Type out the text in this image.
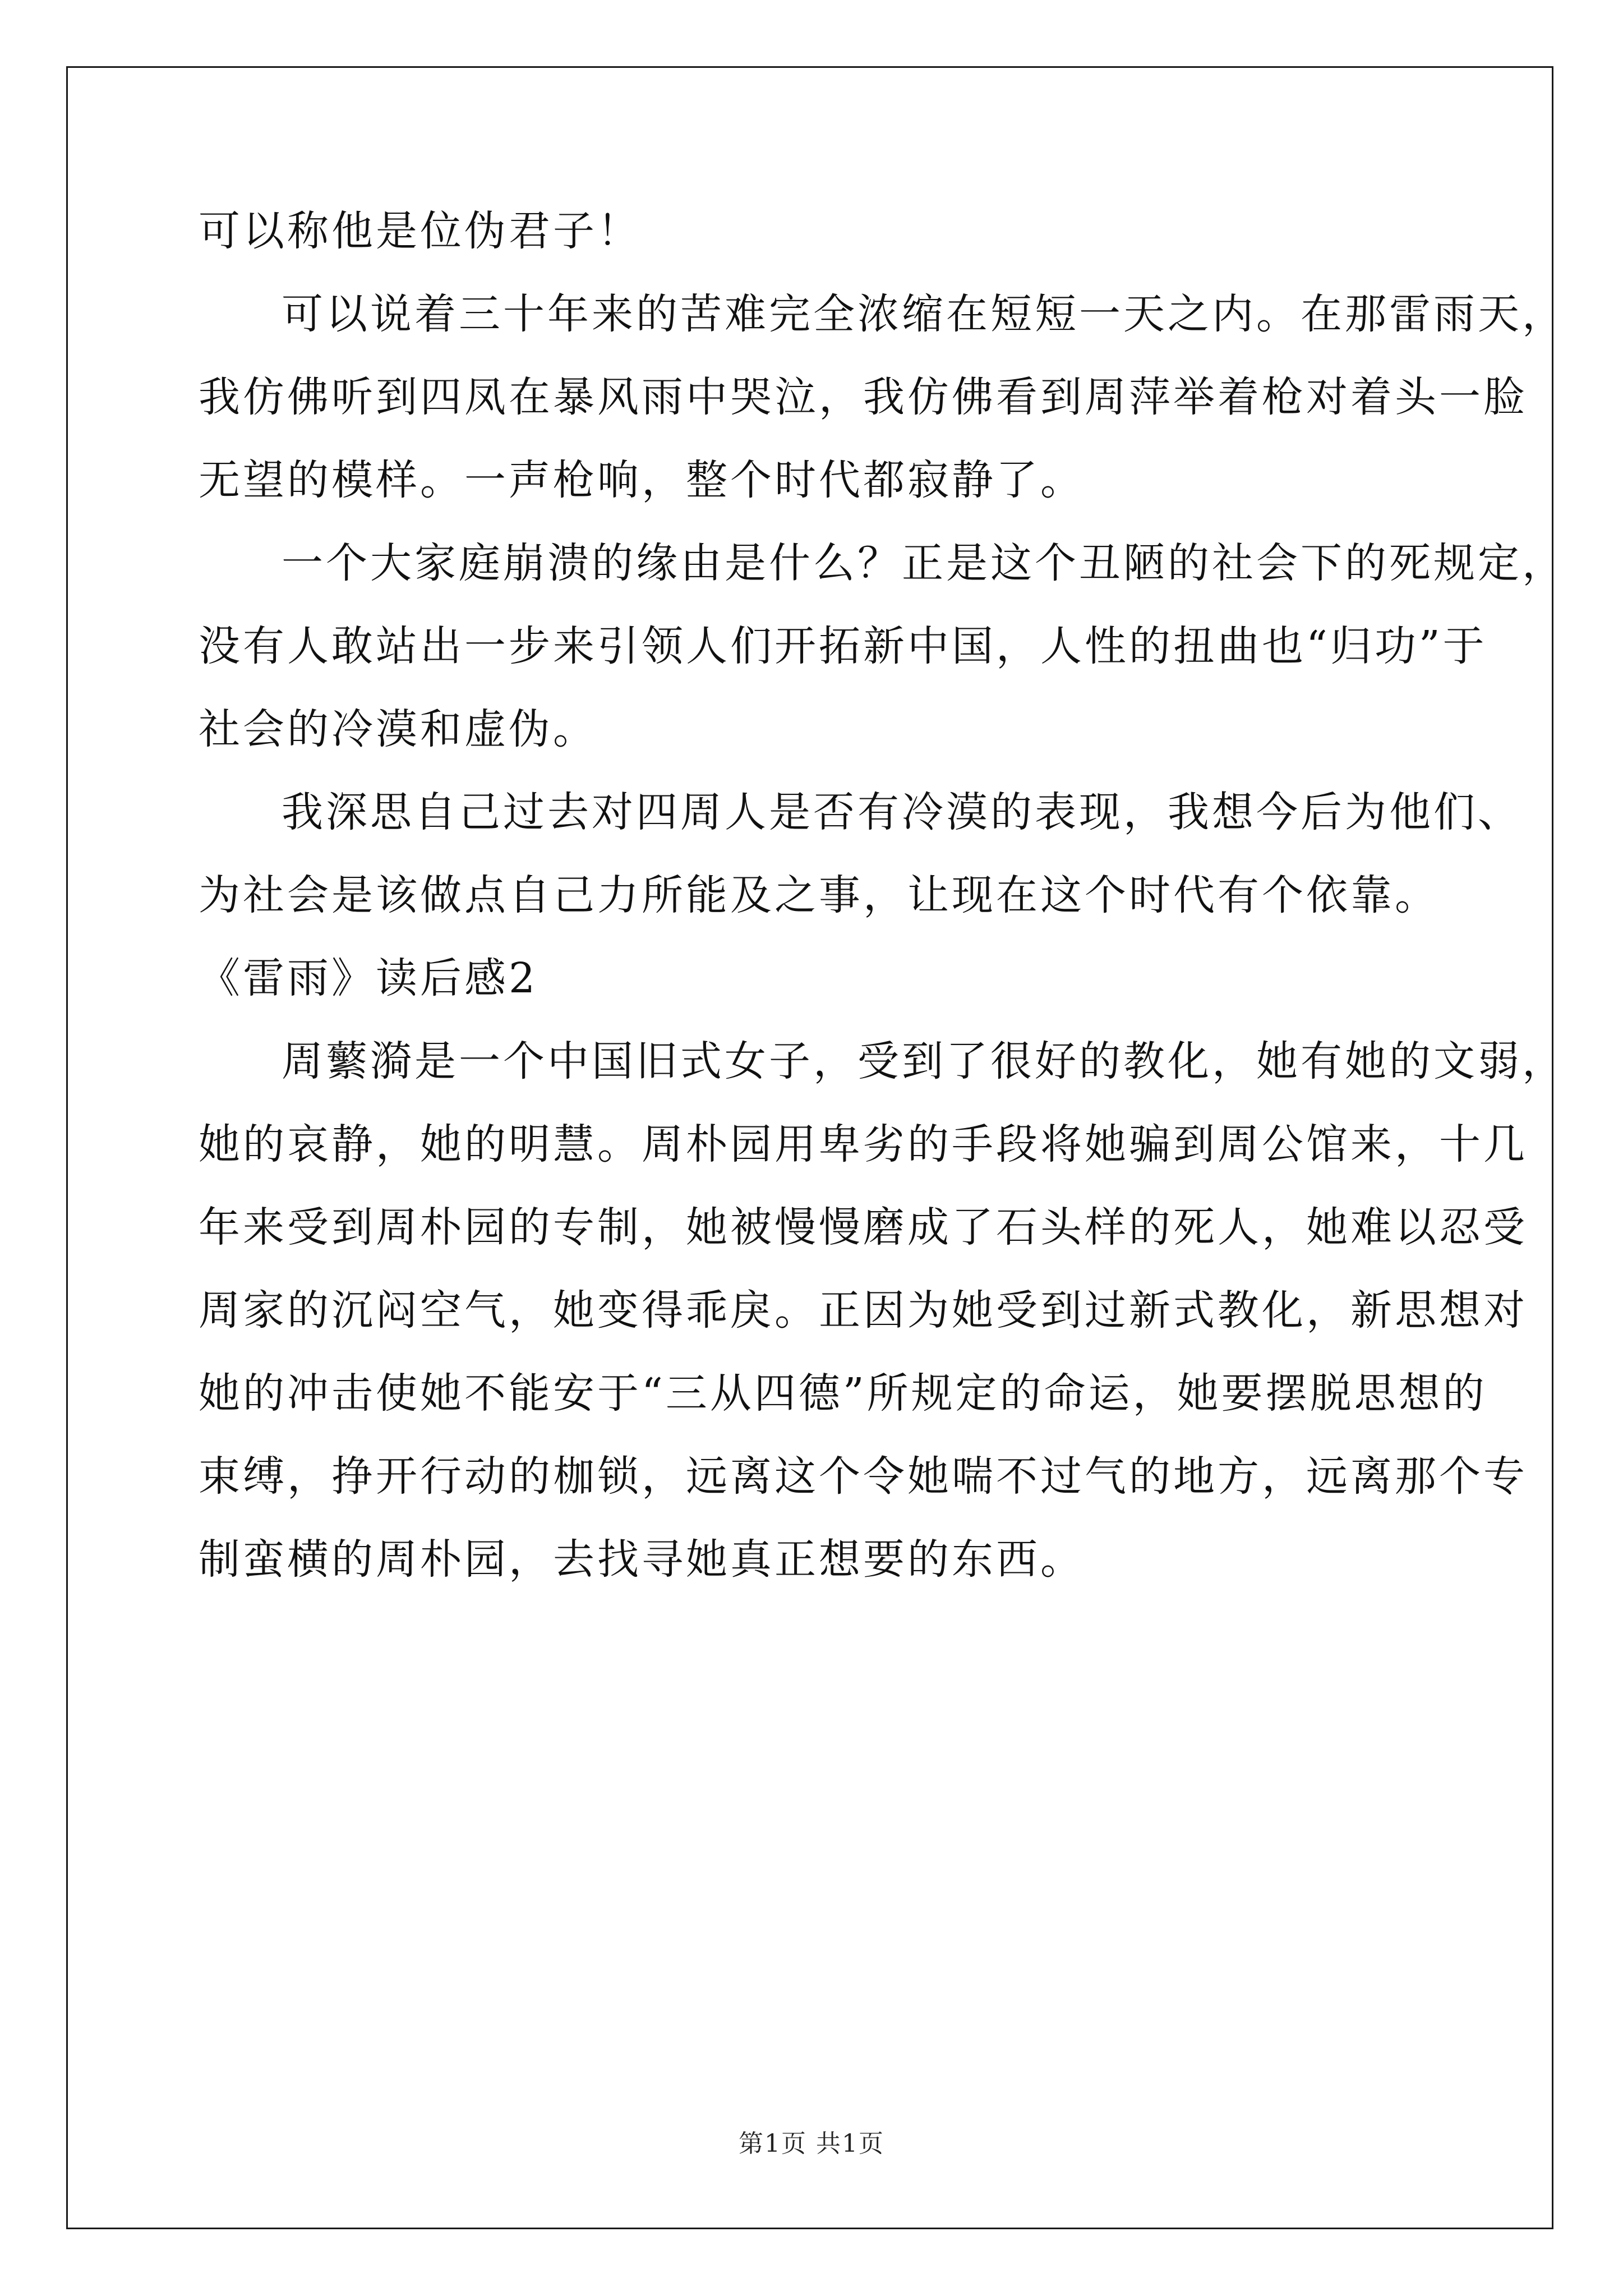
可以称他是位伪君子！
可以说着三十年来的苦难完全浓缩在短短一天之内。在那雷雨天，
我仿佛听到四凤在暴风雨中哭泣，我仿佛看到周萍举着枪对着头一脸
无望的模样。一声枪响，整个时代都寂静了。
一个大家庭崩溃的缘由是什么？正是这个丑陋的社会下的死规定，
没有人敢站出一步来引领人们开拓新中国，人性的扭曲也“归功”于
社会的冷漠和虚伪。
我深思自己过去对四周人是否有冷漠的表现，我想今后为他们、
为社会是该做点自己力所能及之事，让现在这个时代有个依靠。
《雷雨》读后感2
周蘩漪是一个中国旧式女子，受到了很好的教化，她有她的文弱，
她的哀静，她的明慧。周朴园用卑劣的手段将她骗到周公馆来，十几
年来受到周朴园的专制，她被慢慢磨成了石头样的死人，她难以忍受
周家的沉闷空气，她变得乖戾。正因为她受到过新式教化，新思想对
她的冲击使她不能安于“三从四德”所规定的命运，她要摆脱思想的
束缚，挣开行动的枷锁，远离这个令她喘不过气的地方，远离那个专
制蛮横的周朴园，去找寻她真正想要的东西。
第1页 共1页
